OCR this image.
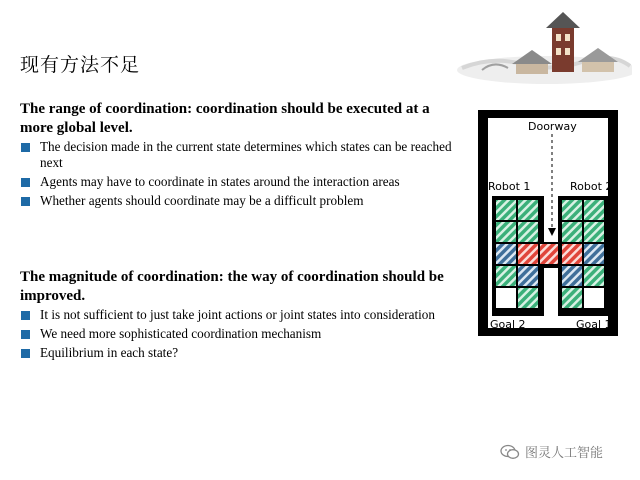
现有方法不足
The range of coordination: coordination should be executed at a more global level.
The decision made in the current state determines which states can be reached next
Agents may have to coordinate in states around the interaction areas
Whether agents should coordinate may be a difficult problem
The magnitude of coordination: the way of coordination should be improved.
It is not sufficient to just take joint actions or joint states into consideration
We need more sophisticated coordination mechanism
Equilibrium in each state?
Doorway
Robot 1	Robot 2
Goal 2	Goal 1
图灵人工智能
